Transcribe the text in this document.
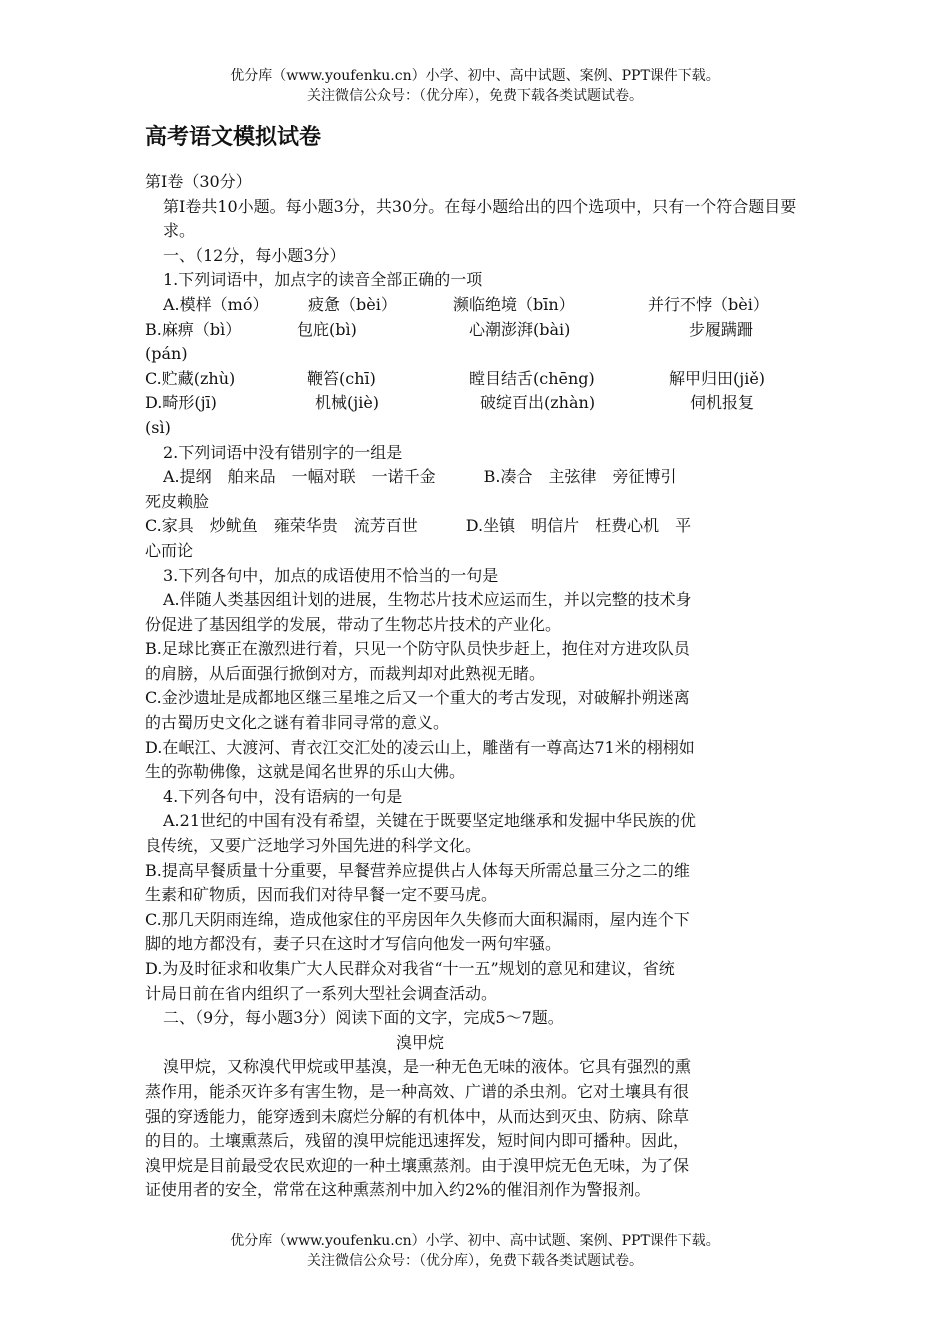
优分库（www.youfenku.cn）小学、初中、高中试题、案例、PPT课件下载。
关注微信公众号：（优分库），免费下载各类试题试卷。
高考语文模拟试卷

第Ⅰ卷（30分）

第Ⅰ卷共10小题。每小题3分，共30分。在每小题给出的四个选项中，只有一个符合题目要求。

一、（12分，每小题3分）

1.下列词语中，加点字的读音全部正确的一项

A.模样（mó）	疲惫（bèi）	濒临绝境（bīn）	并行不悖（bèi）
B.麻痹（bì）	包庇(bì)	心潮澎湃(bài)	步履蹒跚

(pán)

C.贮藏(zhù)	鞭笞(chī)	瞠目结舌(chēng)	解甲归田(jiě)
D.畸形(jī)	机械(jiè)	破绽百出(zhàn)	伺机报复

(sì)

2.下列词语中没有错别字的一组是

A.提纲　舶来品　一幅对联　一诺千金　　　B.凑合　主弦律　旁征博引

死皮赖脸

C.家具　炒鱿鱼　雍荣华贵　流芳百世　　　D.坐镇　明信片　枉费心机　平

心而论

3.下列各句中，加点的成语使用不恰当的一句是

A.伴随人类基因组计划的进展，生物芯片技术应运而生，并以完整的技术身

份促进了基因组学的发展，带动了生物芯片技术的产业化。

B.足球比赛正在激烈进行着，只见一个防守队员快步赶上，抱住对方进攻队员

的肩膀，从后面强行掀倒对方，而裁判却对此熟视无睹。

C.金沙遗址是成都地区继三星堆之后又一个重大的考古发现，对破解扑朔迷离

的古蜀历史文化之谜有着非同寻常的意义。

D.在岷江、大渡河、青衣江交汇处的凌云山上，雕凿有一尊高达71米的栩栩如

生的弥勒佛像，这就是闻名世界的乐山大佛。

4.下列各句中，没有语病的一句是

A.21世纪的中国有没有希望，关键在于既要坚定地继承和发掘中华民族的优

良传统，又要广泛地学习外国先进的科学文化。

B.提高早餐质量十分重要，早餐营养应提供占人体每天所需总量三分之二的维

生素和矿物质，因而我们对待早餐一定不要马虎。

C.那几天阴雨连绵，造成他家住的平房因年久失修而大面积漏雨，屋内连个下

脚的地方都没有，妻子只在这时才写信向他发一两句牢骚。

D.为及时征求和收集广大人民群众对我省“十一五”规划的意见和建议，省统

计局日前在省内组织了一系列大型社会调查活动。

二、（9分，每小题3分）阅读下面的文字，完成5～7题。

溴甲烷

溴甲烷，又称溴代甲烷或甲基溴，是一种无色无味的液体。它具有强烈的熏

蒸作用，能杀灭许多有害生物，是一种高效、广谱的杀虫剂。它对土壤具有很

强的穿透能力，能穿透到未腐烂分解的有机体中，从而达到灭虫、防病、除草

的目的。土壤熏蒸后，残留的溴甲烷能迅速挥发，短时间内即可播种。因此，

溴甲烷是目前最受农民欢迎的一种土壤熏蒸剂。由于溴甲烷无色无味，为了保

证使用者的安全，常常在这种熏蒸剂中加入约2%的催泪剂作为警报剂。

优分库（www.youfenku.cn）小学、初中、高中试题、案例、PPT课件下载。
关注微信公众号：（优分库），免费下载各类试题试卷。
